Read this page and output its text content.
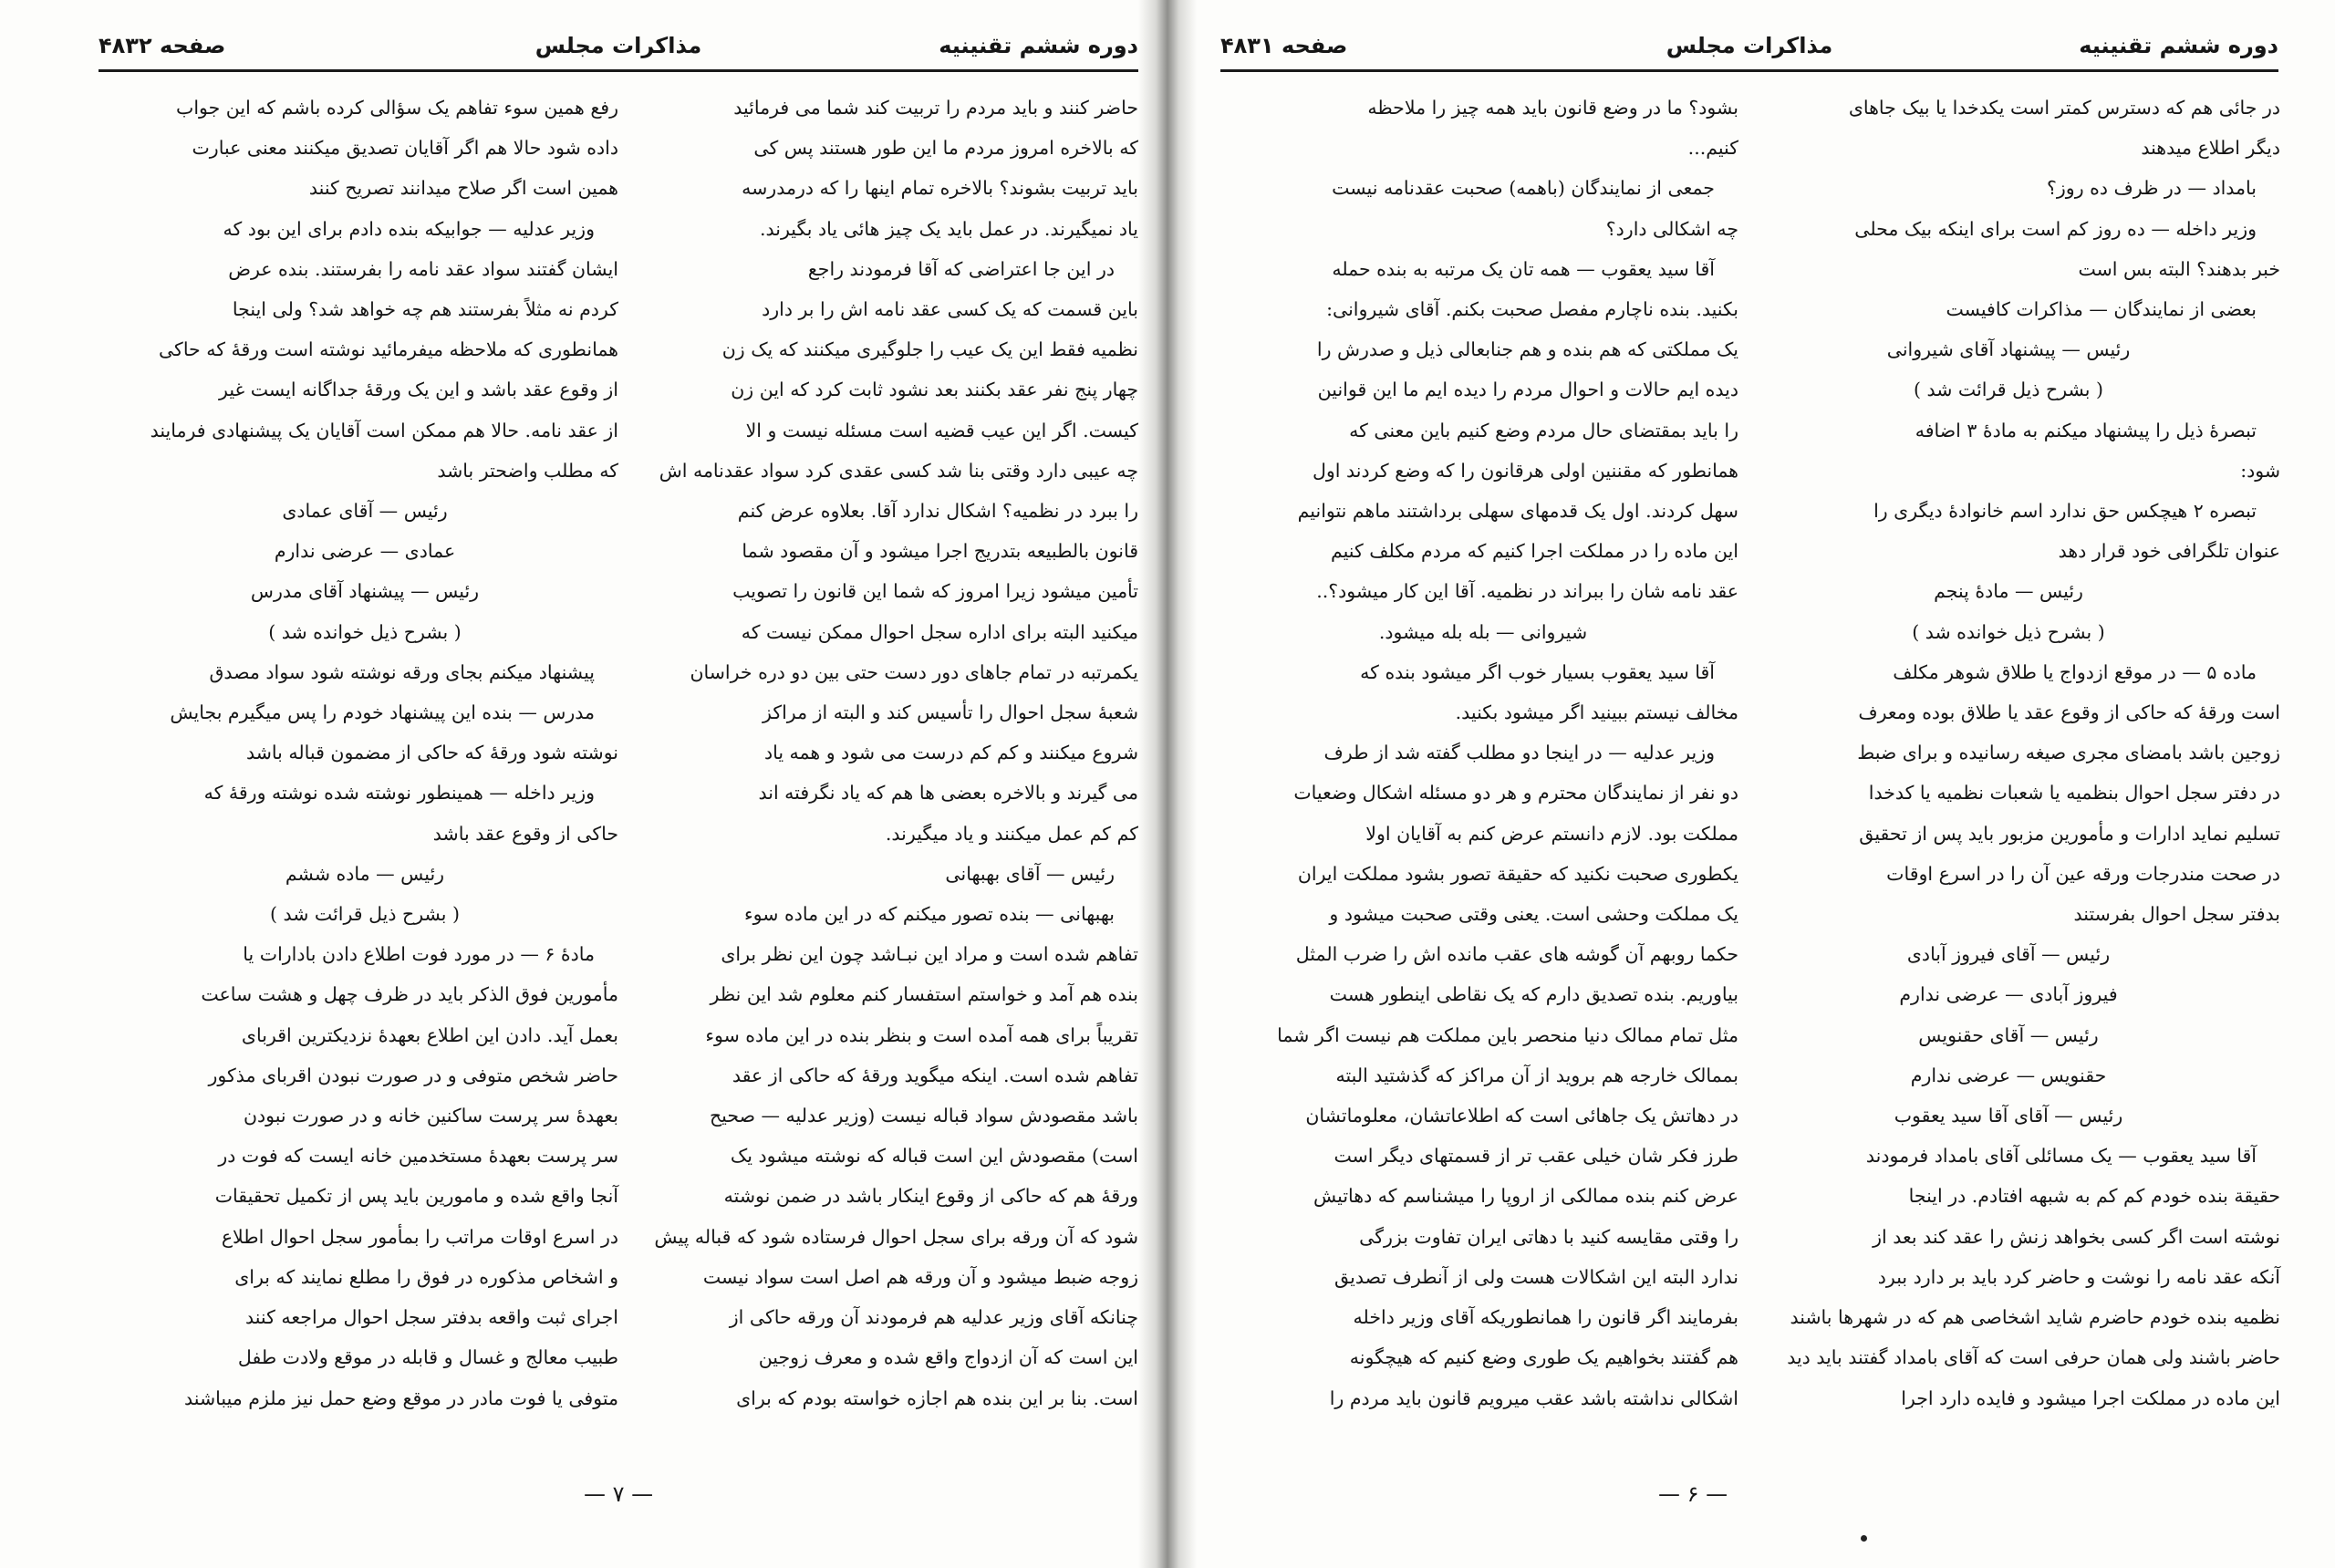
دوره ششم تقنینیه
مذاکرات مجلس
صفحه ۴۸۳۲

حاضر کنند و باید مردم را تربیت کند شما می فرمائید

که بالاخره امروز مردم ما این طور هستند پس کی

باید تربیت بشوند؟ بالاخره تمام اینها را که درمدرسه

یاد نمیگیرند. در عمل باید یک چیز هائی یاد بگیرند.

در این جا اعتراضی که آقا فرمودند راجع

باین قسمت که یک کسی عقد نامه اش را بر دارد

نظمیه فقط این یک عیب را جلوگیری میکنند که یک زن

چهار پنج نفر عقد بکنند بعد نشود ثابت کرد که این زن

کیست. اگر این عیب قضیه است مسئله نیست و الا

چه عیبی دارد وقتی بنا شد کسی عقدی کرد سواد عقدنامه اش

را ببرد در نظمیه؟ اشکال ندارد آقا. بعلاوه عرض کنم

قانون بالطبیعه بتدریج اجرا میشود و آن مقصود شما

تأمین میشود زیرا امروز که شما این قانون را تصویب

میکنید البته برای اداره سجل احوال ممکن نیست که

یکمرتبه در تمام جاهای دور دست حتی بین دو دره خراسان

شعبهٔ سجل احوال را تأسیس کند و البته از مراکز

شروع میکنند و کم کم درست می شود و همه یاد

می گیرند و بالاخره بعضی ها هم که یاد نگرفته اند

کم کم عمل میکنند و یاد میگیرند.

رئیس — آقای بهبهانی

بهبهانی — بنده تصور میکنم که در این ماده سوء

تفاهم شده است و مراد این نبـاشد چون این نظر برای

بنده هم آمد و خواستم استفسار کنم معلوم شد این نظر

تقریباً برای همه آمده است و بنظر بنده در این ماده سوء

تفاهم شده است. اینکه میگوید ورقهٔ که حاکی از عقد

باشد مقصودش سواد قباله نیست (وزیر عدلیه — صحیح

است) مقصودش این است قباله که نوشته میشود یک

ورقهٔ هم که حاکی از وقوع اینکار باشد در ضمن نوشته

شود که آن ورقه برای سجل احوال فرستاده شود که قباله پیش

زوجه ضبط میشود و آن ورقه هم اصل است سواد نیست

چنانکه آقای وزیر عدلیه هم فرمودند آن ورقه حاکی از

این است که آن ازدواج واقع شده و معرف زوجین

است. بنا بر این بنده هم اجازه خواسته بودم که برای

رفع همین سوء تفاهم یک سؤالی کرده باشم که این جواب

داده شود حالا هم اگر آقایان تصدیق میکنند معنی عبارت

همین است اگر صلاح میدانند تصریح کنند

وزیر عدلیه — جوابیکه بنده دادم برای این بود که

ایشان گفتند سواد عقد نامه را بفرستند. بنده عرض

کردم نه مثلاً بفرستند هم چه خواهد شد؟ ولی اینجا

همانطوری که ملاحظه میفرمائید نوشته است ورقهٔ که حاکی

از وقوع عقد باشد و این یک ورقهٔ جداگانه ایست غیر

از عقد نامه. حالا هم ممکن است آقایان یک پیشنهادی فرمایند

که مطلب واضحتر باشد

رئیس — آقای عمادی

عمادی — عرضی ندارم

رئیس — پیشنهاد آقای مدرس

( بشرح ذیل خوانده شد )

پیشنهاد میکنم بجای ورقه نوشته شود سواد مصدق

مدرس — بنده این پیشنهاد خودم را پس میگیرم بجایش

نوشته شود ورقهٔ که حاکی از مضمون قباله باشد

وزیر داخله — همینطور نوشته شده نوشته ورقهٔ که

حاکی از وقوع عقد باشد

رئیس — ماده ششم

( بشرح ذیل قرائت شد )

مادهٔ ۶ — در مورد فوت اطلاع دادن بادارات یا

مأمورین فوق الذکر باید در ظرف چهل و هشت ساعت

بعمل آید. دادن این اطلاع بعهدهٔ نزدیکترین اقربای

حاضر شخص متوفی و در صورت نبودن اقربای مذکور

بعهدهٔ سر پرست ساکنین خانه و در صورت نبودن

سر پرست بعهدهٔ مستخدمین خانه ایست که فوت در

آنجا واقع شده و مامورین باید پس از تکمیل تحقیقات

در اسرع اوقات مراتب را بمأمور سجل احوال اطلاع

و اشخاص مذکوره در فوق را مطلع نمایند که برای

اجرای ثبت واقعه بدفتر سجل احوال مراجعه کنند

طبیب معالج و غسال و قابله در موقع ولادت طفل

متوفی یا فوت مادر در موقع وضع حمل نیز ملزم میباشند

— ۷ —
دوره ششم تقنینیه
مذاکرات مجلس
صفحه ۴۸۳۱

در جائی هم که دسترس کمتر است یکدخدا یا بیک جاهای

دیگر اطلاع میدهند

بامداد — در ظرف ده روز؟

وزیر داخله — ده روز کم است برای اینکه بیک محلی

خبر بدهند؟ البته بس است

بعضی از نمایندگان — مذاکرات کافیست

رئیس — پیشنهاد آقای شیروانی

( بشرح ذیل قرائت شد )

تبصرهٔ ذیل را پیشنهاد میکنم به مادهٔ ۳ اضافه

شود:

تبصره ۲ هیچکس حق ندارد اسم خانوادهٔ دیگری را

عنوان تلگرافی خود قرار دهد

رئیس — مادهٔ پنجم

( بشرح ذیل خوانده شد )

ماده ۵ — در موقع ازدواج یا طلاق شوهر مکلف

است ورقهٔ که حاکی از وقوع عقد یا طلاق بوده ومعرف

زوجین باشد بامضای مجری صیغه رسانیده و برای ضبط

در دفتر سجل احوال بنظمیه یا شعبات نظمیه یا کدخدا

تسلیم نماید ادارات و مأمورین مزبور باید پس از تحقیق

در صحت مندرجات ورقه عین آن را در اسرع اوقات

بدفتر سجل احوال بفرستند

رئیس — آقای فیروز آبادی

فیروز آبادی — عرضی ندارم

رئیس — آقای حقنویس

حقنویس — عرضی ندارم

رئیس — آقای آقا سید یعقوب

آقا سید یعقوب — یک مسائلی آقای بامداد فرمودند

حقیقة بنده خودم کم کم به شبهه افتادم. در اینجا

نوشته است اگر کسی بخواهد زنش را عقد کند بعد از

آنکه عقد نامه را نوشت و حاضر کرد باید بر دارد ببرد

نظمیه بنده خودم حاضرم شاید اشخاصی هم که در شهرها باشند

حاضر باشند ولی همان حرفی است که آقای بامداد گفتند باید دید

این ماده در مملکت اجرا میشود و فایده دارد اجرا

بشود؟ ما در وضع قانون باید همه چیز را ملاحظه

کنیم...

جمعی از نمایندگان (باهمه) صحبت عقدنامه نیست

چه اشکالی دارد؟

آقا سید یعقوب — همه تان یک مرتبه به بنده حمله

بکنید. بنده ناچارم مفصل صحبت بکنم. آقای شیروانی:

یک مملکتی که هم بنده و هم جنابعالی ذیل و صدرش را

دیده ایم حالات و احوال مردم را دیده ایم ما این قوانین

را باید بمقتضای حال مردم وضع کنیم باین معنی که

همانطور که مقننین اولی هرقانون را که وضع کردند اول

سهل کردند. اول یک قدمهای سهلی برداشتند ماهم نتوانیم

این ماده را در مملکت اجرا کنیم که مردم مکلف کنیم

عقد نامه شان را ببراند در نظمیه. آقا این کار میشود؟..

شیروانی — بله بله میشود.

آقا سید یعقوب بسیار خوب اگر میشود بنده که

مخالف نیستم ببینید اگر میشود بکنید.

وزیر عدلیه — در اینجا دو مطلب گفته شد از طرف

دو نفر از نمایندگان محترم و هر دو مسئله اشکال وضعیات

مملکت بود. لازم دانستم عرض کنم به آقایان اولا

یکطوری صحبت نکنید که حقیقة تصور بشود مملکت ایران

یک مملکت وحشی است. یعنی وقتی صحبت میشود و

حکما روبهم آن گوشه های عقب مانده اش را ضرب المثل

بیاوریم. بنده تصدیق دارم که یک نقاطی اینطور هست

مثل تمام ممالک دنیا منحصر باین مملکت هم نیست اگر شما

بممالک خارجه هم بروید از آن مراکز که گذشتید البته

در دهاتش یک جاهائی است که اطلاعاتشان، معلوماتشان

طرز فکر شان خیلی عقب تر از قسمتهای دیگر است

عرض کنم بنده ممالکی از اروپا را میشناسم که دهاتیش

را وقتی مقایسه کنید با دهاتی ایران تفاوت بزرگی

ندارد البته این اشکالات هست ولی از آنطرف تصدیق

بفرمایند اگر قانون را همانطوریکه آقای وزیر داخله

هم گفتند بخواهیم یک طوری وضع کنیم که هیچگونه

اشکالی نداشته باشد عقب میرویم قانون باید مردم را

— ۶ —
